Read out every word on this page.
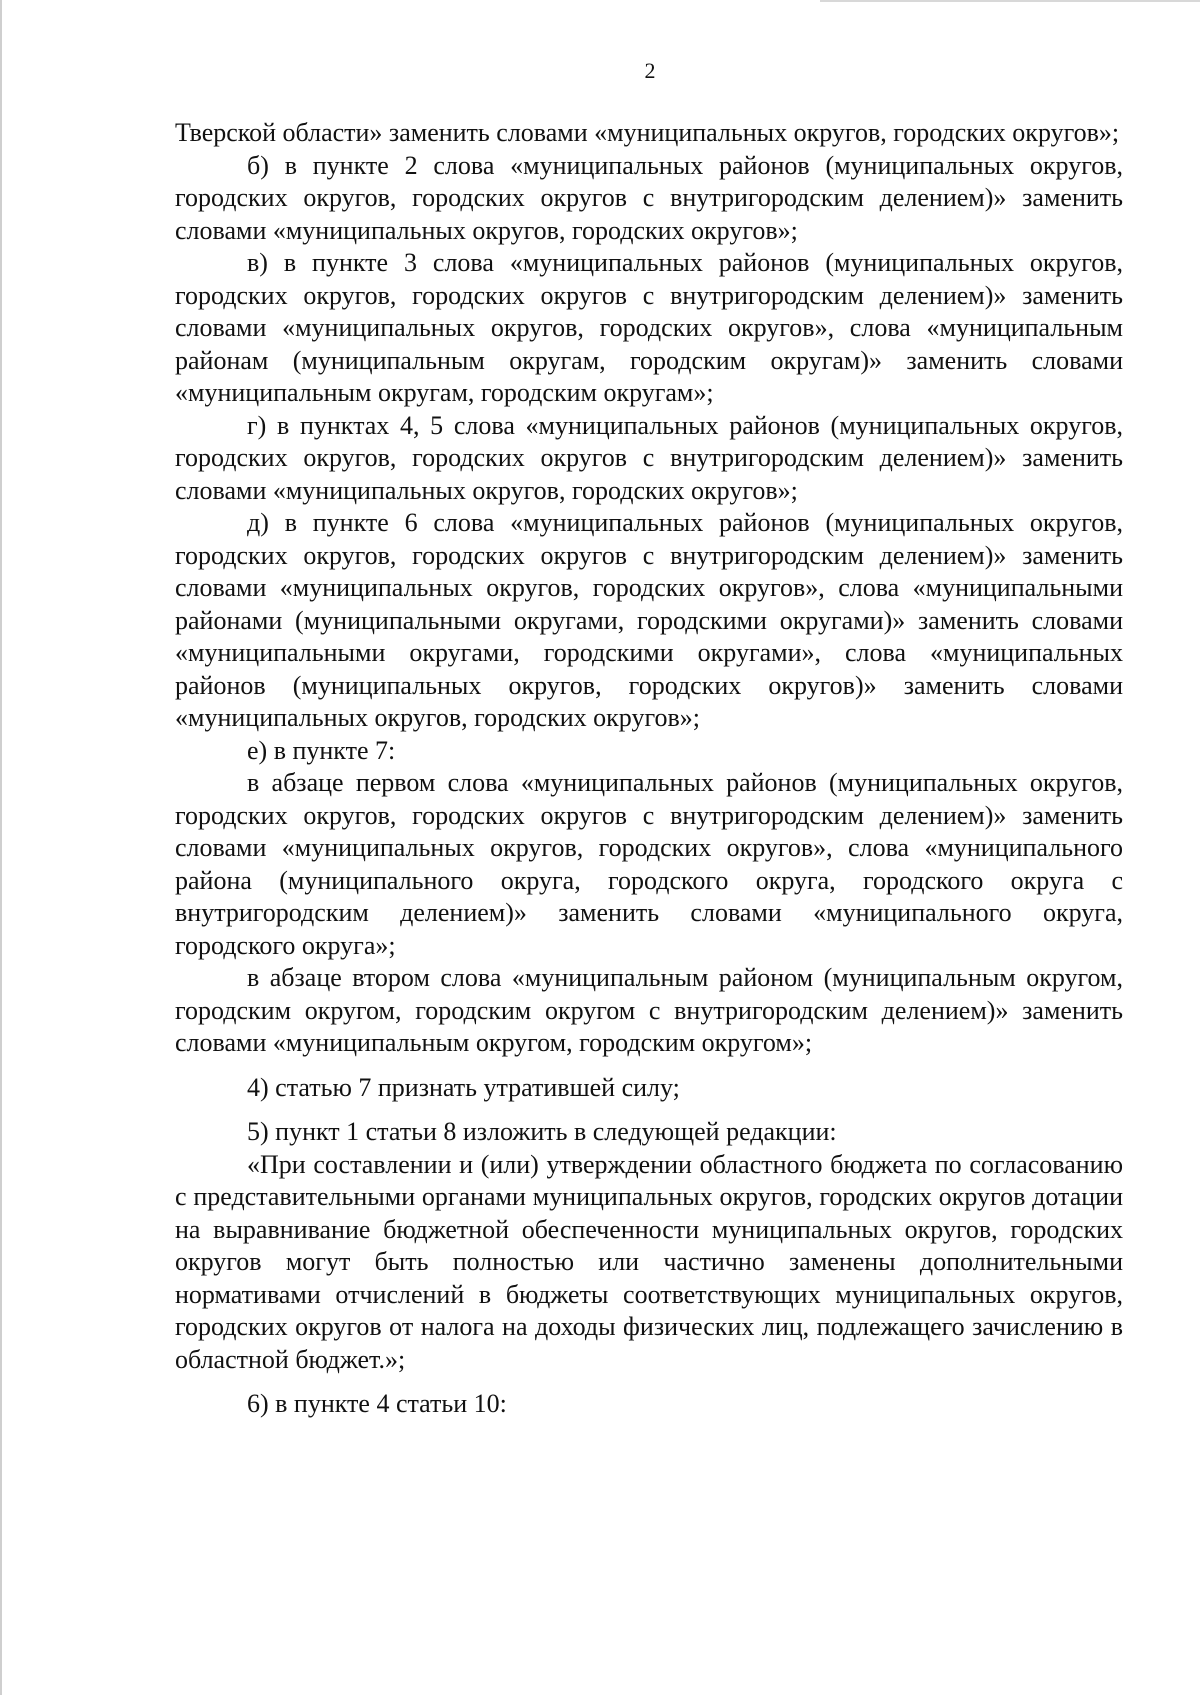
2

Тверской области» заменить словами «муниципальных округов, городских округов»;

б) в пункте 2 слова «муниципальных районов (муниципальных округов, городских округов, городских округов с внутригородским делением)» заменить словами «муниципальных округов, городских округов»;

в) в пункте 3 слова «муниципальных районов (муниципальных округов, городских округов, городских округов с внутригородским делением)» заменить словами «муниципальных округов, городских округов», слова «муниципальным районам (муниципальным округам, городским округам)» заменить словами «муниципальным округам, городским округам»;

г) в пунктах 4, 5 слова «муниципальных районов (муниципальных округов, городских округов, городских округов с внутригородским делением)» заменить словами «муниципальных округов, городских округов»;

д) в пункте 6 слова «муниципальных районов (муниципальных округов, городских округов, городских округов с внутригородским делением)» заменить словами «муниципальных округов, городских округов», слова «муниципальными районами (муниципальными округами, городскими округами)» заменить словами «муниципальными округами, городскими округами», слова «муниципальных районов (муниципальных округов, городских округов)» заменить словами «муниципальных округов, городских округов»;

е) в пункте 7:

в абзаце первом слова «муниципальных районов (муниципальных округов, городских округов, городских округов с внутригородским делением)» заменить словами «муниципальных округов, городских округов», слова «муниципального района (муниципального округа, городского округа, городского округа с внутригородским делением)» заменить словами «муниципального округа, городского округа»;

в абзаце втором слова «муниципальным районом (муниципальным округом, городским округом, городским округом с внутригородским делением)» заменить словами «муниципальным округом, городским округом»;

4) статью 7 признать утратившей силу;

5) пункт 1 статьи 8 изложить в следующей редакции:

«При составлении и (или) утверждении областного бюджета по согласованию с представительными органами муниципальных округов, городских округов дотации на выравнивание бюджетной обеспеченности муниципальных округов, городских округов могут быть полностью или частично заменены дополнительными нормативами отчислений в бюджеты соответствующих муниципальных округов, городских округов от налога на доходы физических лиц, подлежащего зачислению в областной бюджет.»;

6) в пункте 4 статьи 10:
